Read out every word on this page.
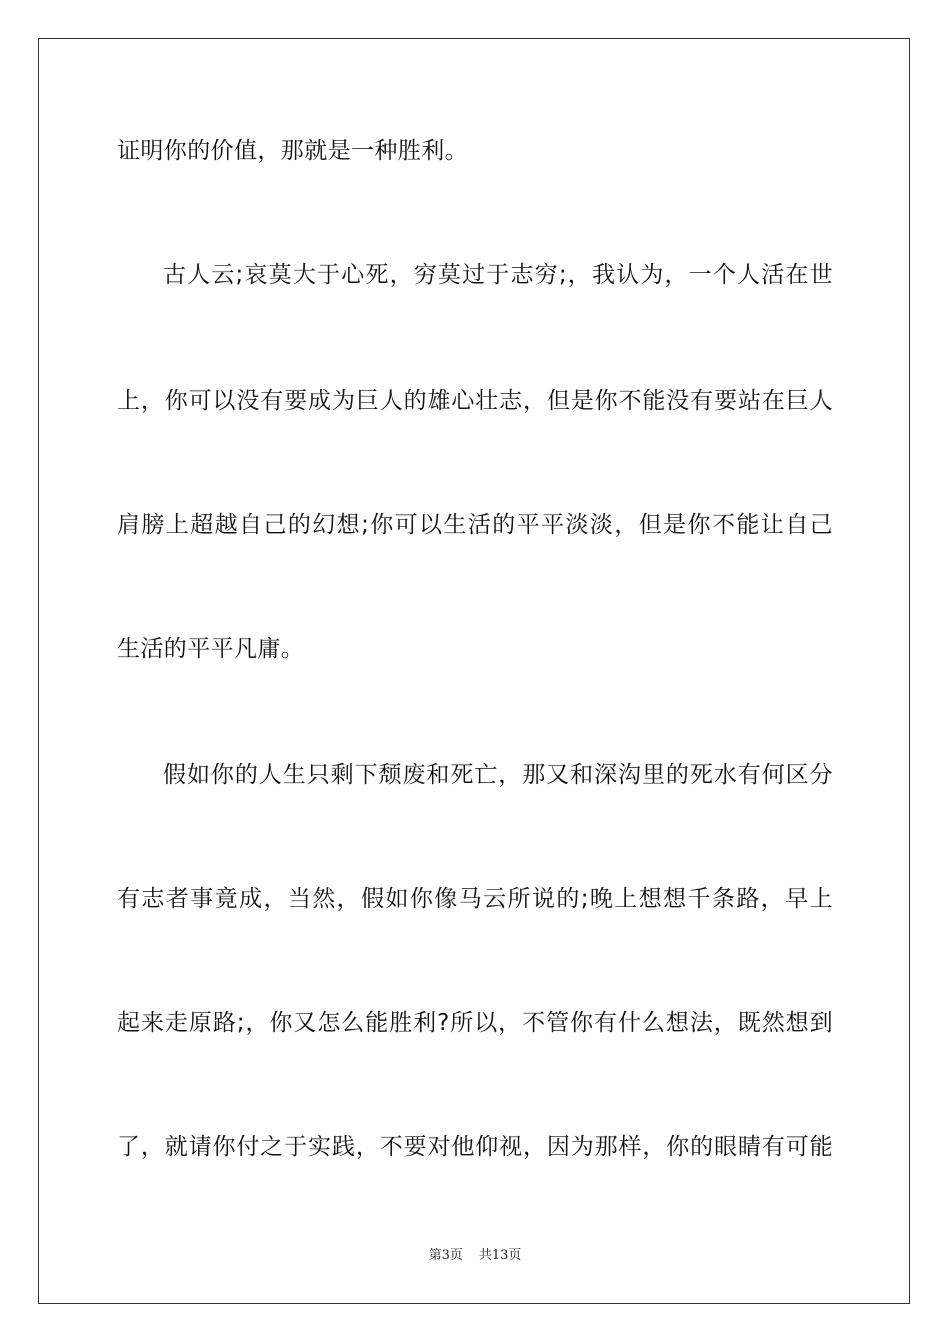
证明你的价值，那就是一种胜利。
古人云;哀莫大于心死，穷莫过于志穷;，我认为，一个人活在世
上，你可以没有要成为巨人的雄心壮志，但是你不能没有要站在巨人
肩膀上超越自己的幻想;你可以生活的平平淡淡，但是你不能让自己
生活的平平凡庸。
假如你的人生只剩下颓废和死亡，那又和深沟里的死水有何区分
有志者事竟成，当然，假如你像马云所说的;晚上想想千条路，早上
起来走原路;，你又怎么能胜利?所以，不管你有什么想法，既然想到
了，就请你付之于实践，不要对他仰视，因为那样，你的眼睛有可能
第3页 共13页
